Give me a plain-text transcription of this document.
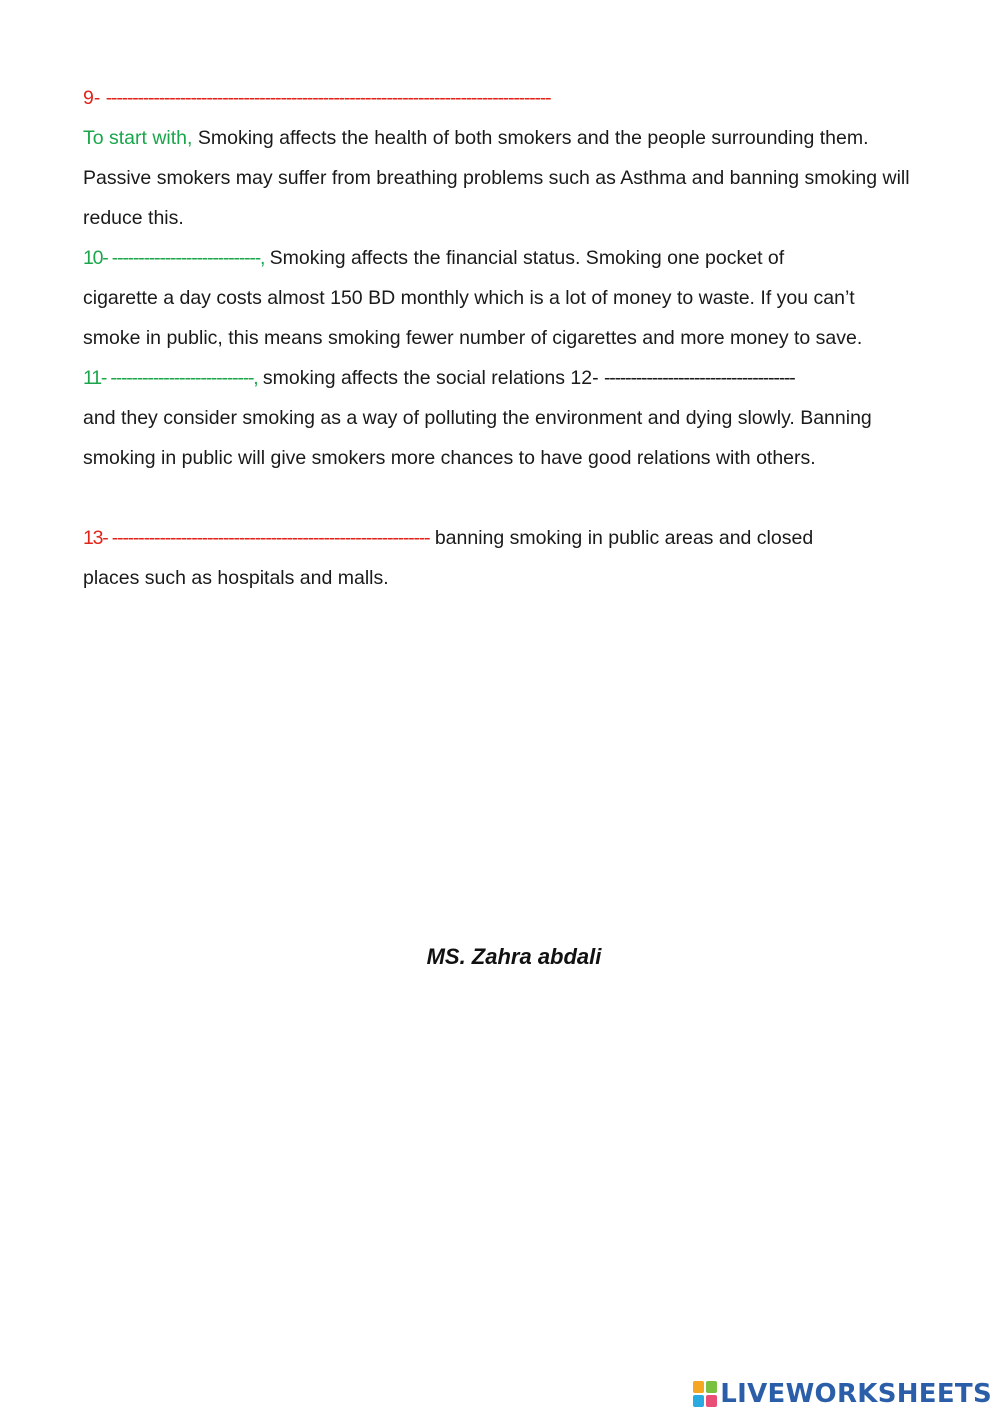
9- ------------------------------------------------------------------------------------

To start with, Smoking affects the health of both smokers and the people surrounding them.
Passive smokers may suffer from breathing problems such as Asthma and banning smoking will
reduce this.

10- ----------------------------, Smoking affects the financial status. Smoking one pocket of
cigarette a day costs almost 150 BD monthly which is a lot of money to waste. If you can’t
smoke in public, this means smoking fewer number of cigarettes and more money to save.

11- ---------------------------, smoking affects the social relations 12- ------------------------------------
and they consider smoking as a way of polluting the environment and dying slowly. Banning
smoking in public will give smokers more chances to have good relations with others.

13- ------------------------------------------------------------ banning smoking in public areas and closed
places such as hospitals and malls.

MS. Zahra abdali

LIVEWORKSHEETS
